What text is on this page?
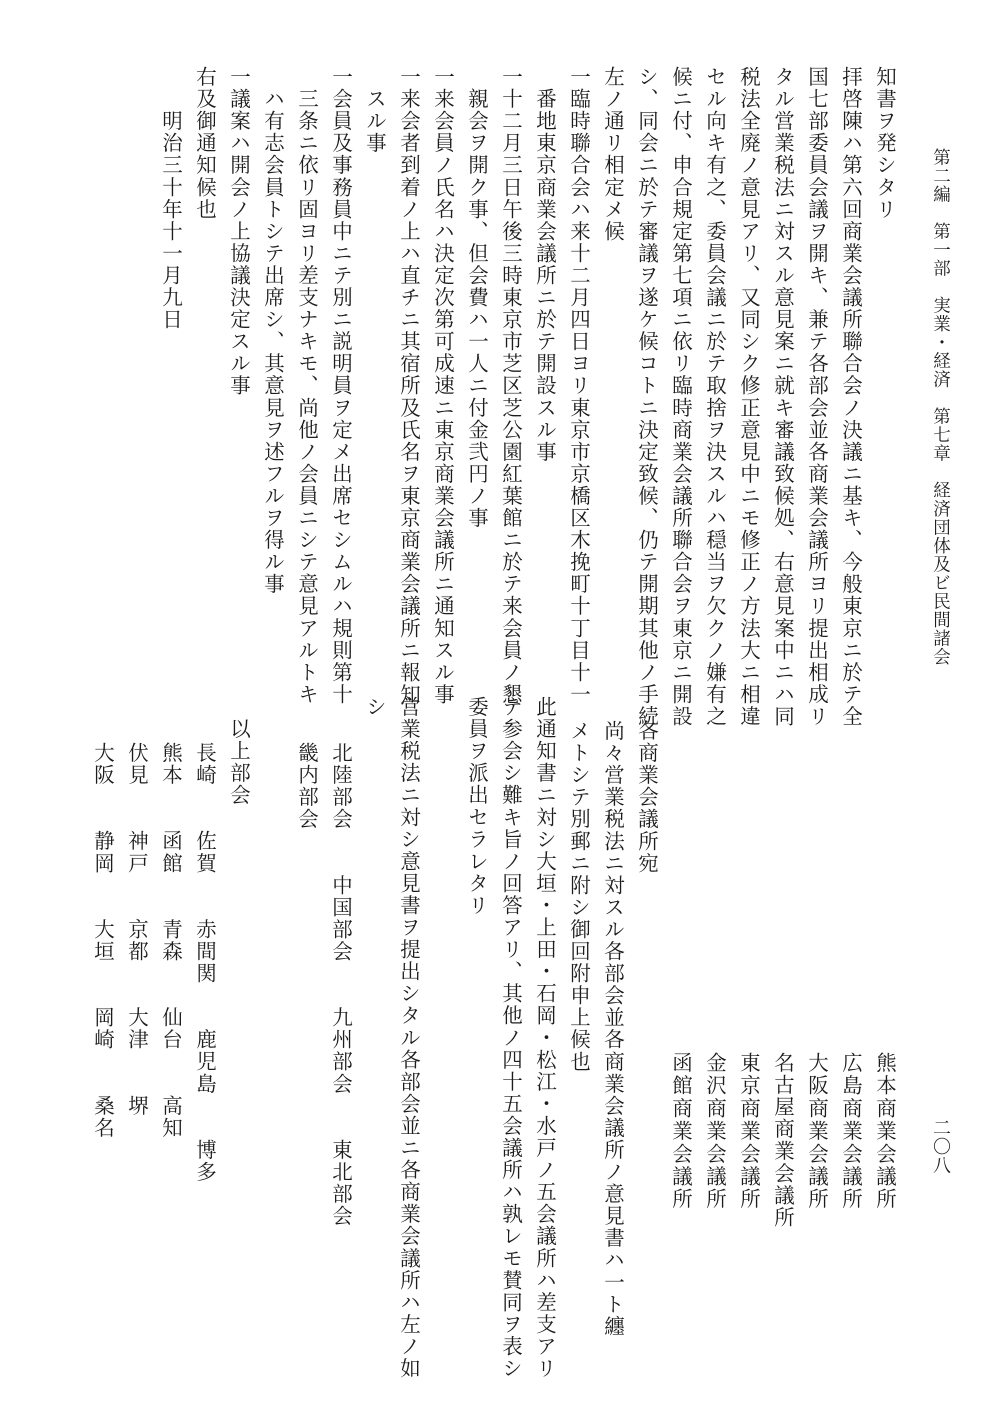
第二編　第一部　実業・経済　第七章　経済団体及ビ民間諸会
二〇八
知書ヲ発シタリ
拝啓陳ハ第六回商業会議所聯合会ノ決議ニ基キ、今般東京ニ於テ全
国七部委員会議ヲ開キ、兼テ各部会並各商業会議所ヨリ提出相成リ
タル営業税法ニ対スル意見案ニ就キ審議致候処、右意見案中ニハ同
税法全廃ノ意見アリ、又同シク修正意見中ニモ修正ノ方法大ニ相違
セル向キ有之、委員会議ニ於テ取捨ヲ決スルハ穏当ヲ欠クノ嫌有之
候ニ付、申合規定第七項ニ依リ臨時商業会議所聯合会ヲ東京ニ開設
シ、同会ニ於テ審議ヲ遂ケ候コトニ決定致候、仍テ開期其他ノ手続
左ノ通リ相定メ候
一臨時聯合会ハ来十二月四日ヨリ東京市京橋区木挽町十丁目十一
　番地東京商業会議所ニ於テ開設スル事
一十二月三日午後三時東京市芝区芝公園紅葉館ニ於テ来会員ノ懇
　親会ヲ開ク事、但会費ハ一人ニ付金弐円ノ事
一来会員ノ氏名ハ決定次第可成速ニ東京商業会議所ニ通知スル事
一来会者到着ノ上ハ直チニ其宿所及氏名ヲ東京商業会議所ニ報知
　スル事
一会員及事務員中ニテ別ニ説明員ヲ定メ出席セシムルハ規則第十
　三条ニ依リ固ヨリ差支ナキモ、尚他ノ会員ニシテ意見アルトキ
　ハ有志会員トシテ出席シ、其意見ヲ述フルヲ得ル事
一議案ハ開会ノ上協議決定スル事
右及御通知候也
　　明治三十年十一月九日
熊本商業会議所
広島商業会議所
大阪商業会議所
名古屋商業会議所
東京商業会議所
金沢商業会議所
函館商業会議所
各商業会議所宛
尚々営業税法ニ対スル各部会並各商業会議所ノ意見書ハ一ト纏
メトシテ別郵ニ附シ御回附申上候也
此通知書ニ対シ大垣・上田・石岡・松江・水戸ノ五会議所ハ差支アリ
テ参会シ難キ旨ノ回答アリ、其他ノ四十五会議所ハ孰レモ賛同ヲ表シ
委員ヲ派出セラレタリ
営業税法ニ対シ意見書ヲ提出シタル各部会並ニ各商業会議所ハ左ノ如
シ
北陸部会　　中国部会　　九州部会　　東北部会
畿内部会
長崎　　佐賀　　赤間関　　鹿児島　　博多
熊本　　函館　　青森　　仙台　　高知 以上部会
伏見　　神戸　　京都　　大津　　堺
大阪　　静岡　　大垣　　岡崎　　桑名
